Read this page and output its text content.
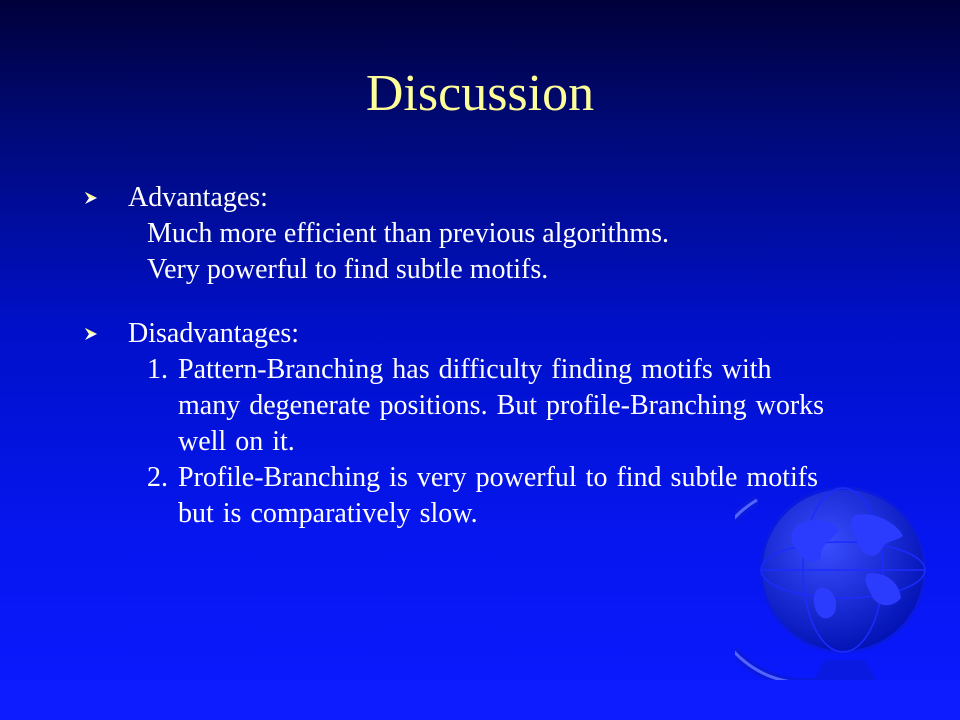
Discussion
Advantages:
Much more efficient than previous algorithms.
Very powerful to find subtle motifs.
Disadvantages:
1. Pattern-Branching has difficulty finding motifs with
many degenerate positions. But profile-Branching works
well on it.
2. Profile-Branching is very powerful to find subtle motifs
but is comparatively slow.
